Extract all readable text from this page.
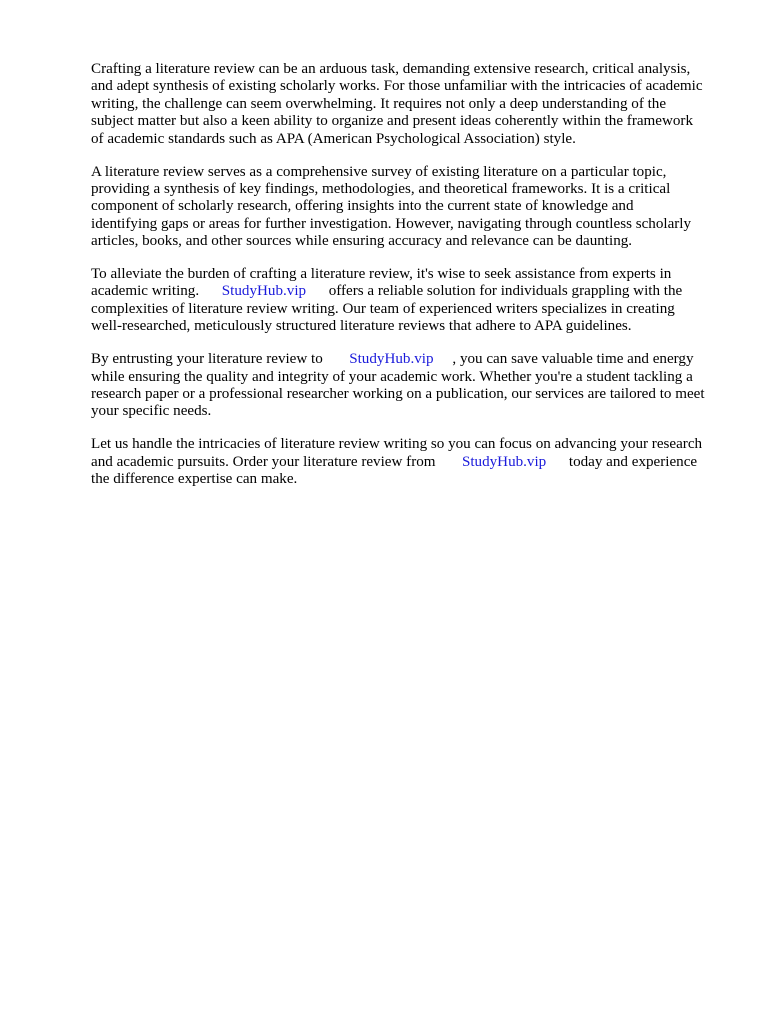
Crafting a literature review can be an arduous task, demanding extensive research, critical analysis,
and adept synthesis of existing scholarly works. For those unfamiliar with the intricacies of academic
writing, the challenge can seem overwhelming. It requires not only a deep understanding of the
subject matter but also a keen ability to organize and present ideas coherently within the framework
of academic standards such as APA (American Psychological Association) style.

A literature review serves as a comprehensive survey of existing literature on a particular topic,
providing a synthesis of key findings, methodologies, and theoretical frameworks. It is a critical
component of scholarly research, offering insights into the current state of knowledge and
identifying gaps or areas for further investigation. However, navigating through countless scholarly
articles, books, and other sources while ensuring accuracy and relevance can be daunting.

To alleviate the burden of crafting a literature review, it's wise to seek assistance from experts in
academic writing. StudyHub.vip offers a reliable solution for individuals grappling with the
complexities of literature review writing. Our team of experienced writers specializes in creating
well-researched, meticulously structured literature reviews that adhere to APA guidelines.

By entrusting your literature review to StudyHub.vip , you can save valuable time and energy
while ensuring the quality and integrity of your academic work. Whether you're a student tackling a
research paper or a professional researcher working on a publication, our services are tailored to meet
your specific needs.

Let us handle the intricacies of literature review writing so you can focus on advancing your research
and academic pursuits. Order your literature review from StudyHub.vip today and experience
the difference expertise can make.
